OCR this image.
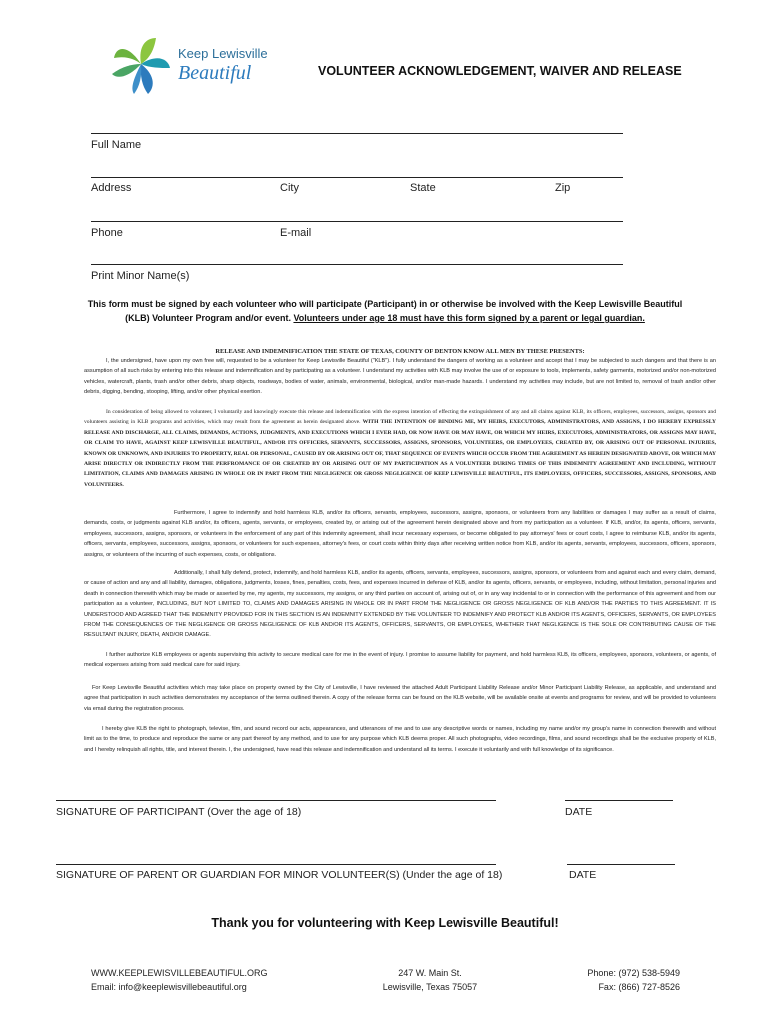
Keep Lewisville
Beautiful	VOLUNTEER ACKNOWLEDGEMENT, WAIVER AND RELEASE
Full Name
Address	City	State	Zip
Phone	E-mail
Print Minor Name(s)
This form must be signed by each volunteer who will participate (Participant) in or otherwise be involved with the Keep Lewisville Beautiful
(KLB) Volunteer Program and/or event. Volunteers under age 18 must have this form signed by a parent or legal guardian.
RELEASE AND INDEMNIFICATION THE STATE OF TEXAS, COUNTY OF DENTON KNOW ALL MEN BY THESE PRESENTS:
I, the undersigned, have upon my own free will, requested to be a volunteer for Keep Lewisville Beautiful ("KLB"). I fully understand the dangers of working as a volunteer and accept that I may be subjected to such dangers and that there is an assumption of all such risks by entering into this release and indemnification and by participating as a volunteer. I understand my activities with KLB may involve the use of or exposure to tools, implements, safety garments, motorized and/or non-motorized vehicles, watercraft, plants, trash and/or other debris, sharp objects, roadways, bodies of water, animals, environmental, biological, and/or man-made hazards. I understand my activities may include, but are not limited to, removal of trash and/or other debris, digging, bending, stooping, lifting, and/or other physical exertion.
In consideration of being allowed to volunteer, I voluntarily and knowingly execute this release and indemnification with the express intention of effecting the extinguishment of any and all claims against KLB, its officers, employees, successors, assigns, sponsors and volunteers assisting in KLB programs and activities, which may result from the agreement as herein designated above. WITH THE INTENTION OF BINDING ME, MY HEIRS, EXECUTORS, ADMINISTRATORS, AND ASSIGNS, I DO HEREBY EXPRESSLY RELEASE AND DISCHARGE, ALL CLAIMS, DEMANDS, ACTIONS, JUDGMENTS, AND EXECUTIONS WHICH I EVER HAD, OR NOW HAVE OR MAY HAVE, OR WHICH MY HEIRS, EXECUTORS, ADMINISTRATORS, OR ASSIGNS MAY HAVE, OR CLAIM TO HAVE, AGAINST KEEP LEWISVILLE BEAUTIFUL, AND/OR ITS OFFICERS, SERVANTS, SUCCESSORS, ASSIGNS, SPONSORS, VOLUNTEERS, OR EMPLOYEES, CREATED BY, OR ARISING OUT OF PERSONAL INJURIES, KNOWN OR UNKNOWN, AND INJURIES TO PROPERTY, REAL OR PERSONAL, CAUSED BY OR ARISING OUT OF, THAT SEQUENCE OF EVENTS WHICH OCCUR FROM THE AGREEMENT AS HEREIN DESIGNATED ABOVE, OR WHICH MAY ARISE DIRECTLY OR INDIRECTLY FROM THE PERFROMANCE OF OR CREATED BY OR ARISING OUT OF MY PARTICIPATION AS A VOLUNTEER DURING TIMES OF THIS INDEMNITY AGREEMENT AND INCLUDING, WITHOUT LIMITATION, CLAIMS AND DAMAGES ARISING IN WHOLE OR IN PART FROM THE NEGLIGENCE OR GROSS NEGLIGENCE OF KEEP LEWISVILLE BEAUTIFUL, ITS EMPLOYEES, OFFICERS, SUCCESSORS, ASSIGNS, SPONSORS, AND VOLUNTEERS.
Furthermore, I agree to indemnify and hold harmless KLB, and/or its officers, servants, employees, successors, assigns, sponsors, or volunteers from any liabilities or damages I may suffer as a result of claims, demands, costs, or judgments against KLB and/or, its officers, agents, servants, or employees, created by, or arising out of the agreement herein designated above and from my participation as a volunteer. If KLB, and/or, its agents, officers, servants, employees, successors, assigns, sponsors, or volunteers in the enforcement of any part of this indemnity agreement, shall incur necessary expenses, or become obligated to pay attorneys' fees or court costs, I agree to reimburse KLB, and/or its agents, officers, servants, employees, successors, assigns, sponsors, or volunteers for such expenses, attorney's fees, or court costs within thirty days after receiving written notice from KLB, and/or its agents, servants, employees, successors, officers, sponsors, assigns, or volunteers of the incurring of such expenses, costs, or obligations.
Additionally, I shall fully defend, protect, indemnify, and hold harmless KLB, and/or its agents, officers, servants, employees, successors, assigns, sponsors, or volunteers from and against each and every claim, demand, or cause of action and any and all liability, damages, obligations, judgments, losses, fines, penalties, costs, fees, and expenses incurred in defense of KLB, and/or its agents, officers, servants, or employees, including, without limitation, personal injuries and death in connection therewith which may be made or asserted by me, my agents, my successors, my assigns, or any third parties on account of, arising out of, or in any way incidental to or in connection with the performance of this agreement and from our participation as a volunteer, INCLUDING, BUT NOT LIMITED TO, CLAIMS AND DAMAGES ARISING IN WHOLE OR IN PART FROM THE NEGLIGENCE OR GROSS NEGLIGENCE OF KLB AND/OR THE PARTIES TO THIS AGREEMENT. IT IS UNDERSTOOD AND AGREED THAT THE INDEMNITY PROVIDED FOR IN THIS SECTION IS AN INDEMNITY EXTENDED BY THE VOLUNTEER TO INDEMNIFY AND PROTECT KLB AND/OR ITS AGENTS, OFFICERS, SERVANTS, OR EMPLOYEES FROM THE CONSEQUENCES OF THE NEGLIGENCE OR GROSS NEGLIGENCE OF KLB AND/OR ITS AGENTS, OFFICERS, SERVANTS, OR EMPLOYEES, WHETHER THAT NEGLIGENCE IS THE SOLE OR CONTRIBUTING CAUSE OF THE RESULTANT INJURY, DEATH, AND/OR DAMAGE.
I further authorize KLB employees or agents supervising this activity to secure medical care for me in the event of injury. I promise to assume liability for payment, and hold harmless KLB, its officers, employees, sponsors, volunteers, or agents, of medical expenses arising from said medical care for said injury.
For Keep Lewisville Beautiful activities which may take place on property owned by the City of Lewisville, I have reviewed the attached Adult Participant Liability Release and/or Minor Participant Liability Release, as applicable, and understand and agree that participation in such activities demonstrates my acceptance of the terms outlined therein. A copy of the release forms can be found on the KLB website, will be available onsite at events and programs for review, and will be provided to volunteers via email during the registration process.
I hereby give KLB the right to photograph, televise, film, and sound record our acts, appearances, and utterances of me and to use any descriptive words or names, including my name and/or my group's name in connection therewith and without limit as to the time, to produce and reproduce the same or any part thereof by any method, and to use for any purpose which KLB deems proper. All such photographs, video recordings, films, and sound recordings shall be the exclusive property of KLB, and I hereby relinquish all rights, title, and interest therein. I, the undersigned, have read this release and indemnification and understand all its terms. I execute it voluntarily and with full knowledge of its significance.
SIGNATURE OF PARTICIPANT (Over the age of 18)	DATE
SIGNATURE OF PARENT OR GUARDIAN FOR MINOR VOLUNTEER(S) (Under the age of 18)	DATE
Thank you for volunteering with Keep Lewisville Beautiful!
WWW.KEEPLEWISVILLEBEAUTIFUL.ORG
Email: info@keeplewisvillebeautiful.org
247 W. Main St.
Lewisville, Texas 75057
Phone: (972) 538-5949
Fax: (866) 727-8526
